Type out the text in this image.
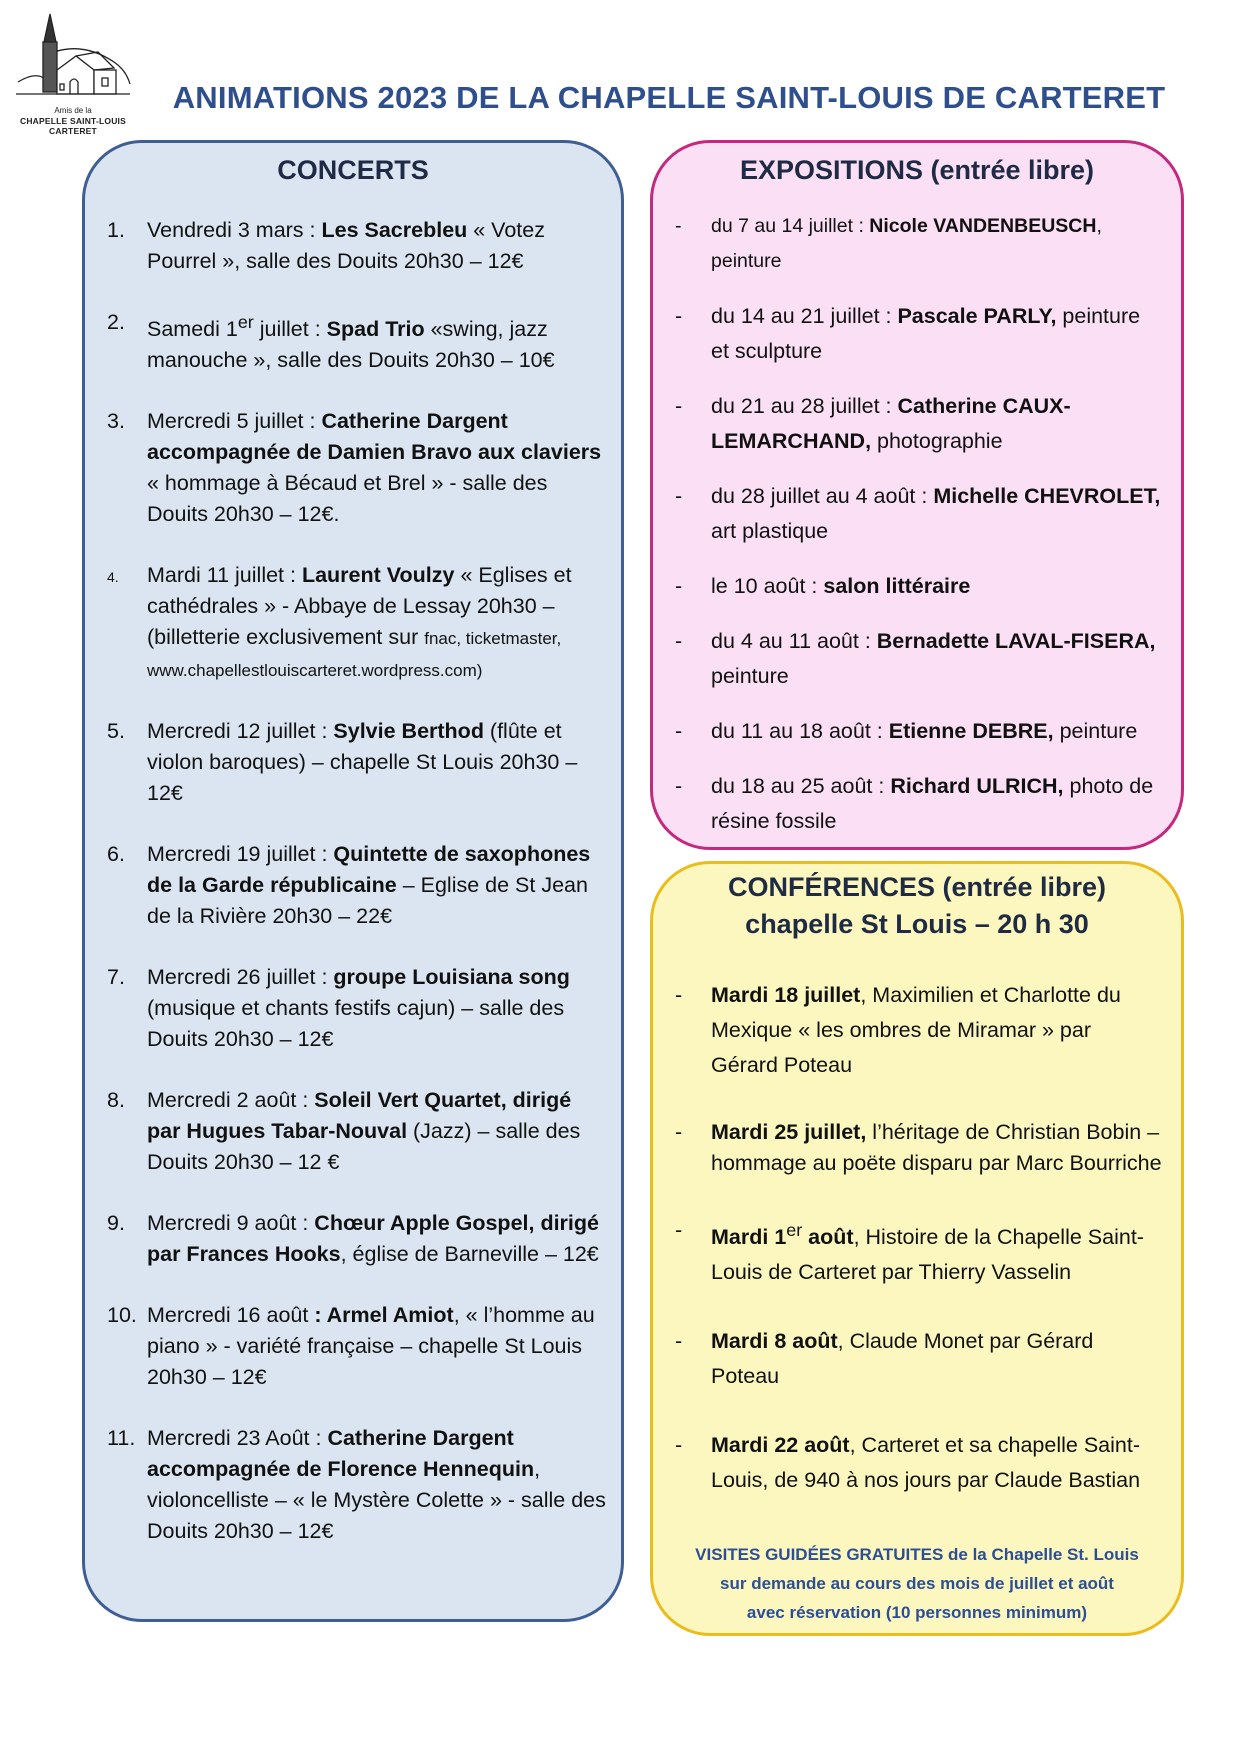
Amis de la
CHAPELLE SAINT-LOUIS
CARTERET
ANIMATIONS 2023 DE LA CHAPELLE SAINT-LOUIS DE CARTERET
CONCERTS
1. Vendredi 3 mars : Les Sacrebleu « Votez Pourrel », salle des Douits 20h30 – 12€
2. Samedi 1er juillet : Spad Trio «swing, jazz manouche », salle des Douits 20h30 – 10€
3. Mercredi 5 juillet : Catherine Dargent accompagnée de Damien Bravo aux claviers « hommage à Bécaud et Brel » - salle des Douits 20h30 – 12€.
4. Mardi 11 juillet : Laurent Voulzy « Eglises et cathédrales » - Abbaye de Lessay 20h30 – (billetterie exclusivement sur fnac, ticketmaster, www.chapellestlouiscarteret.wordpress.com)
5. Mercredi 12 juillet : Sylvie Berthod (flûte et violon baroques) – chapelle St Louis 20h30 – 12€
6. Mercredi 19 juillet : Quintette de saxophones de la Garde républicaine – Eglise de St Jean de la Rivière 20h30 – 22€
7. Mercredi 26 juillet : groupe Louisiana song (musique et chants festifs cajun) – salle des Douits 20h30 – 12€
8. Mercredi 2 août : Soleil Vert Quartet, dirigé par Hugues Tabar-Nouval (Jazz) – salle des Douits 20h30 – 12 €
9. Mercredi 9 août : Chœur Apple Gospel, dirigé par Frances Hooks, église de Barneville – 12€
10. Mercredi 16 août : Armel Amiot, « l’homme au piano » - variété française – chapelle St Louis 20h30 – 12€
11. Mercredi 23 Août : Catherine Dargent accompagnée de Florence Hennequin, violoncelliste – « le Mystère Colette » - salle des Douits 20h30 – 12€
EXPOSITIONS (entrée libre)
- du 7 au 14 juillet : Nicole VANDENBEUSCH, peinture
- du 14 au 21 juillet : Pascale PARLY, peinture et sculpture
- du 21 au 28 juillet : Catherine CAUX-LEMARCHAND, photographie
- du 28 juillet au 4 août : Michelle CHEVROLET, art plastique
- le 10 août : salon littéraire
- du 4 au 11 août : Bernadette LAVAL-FISERA, peinture
- du 11 au 18 août : Etienne DEBRE, peinture
- du 18 au 25 août : Richard ULRICH, photo de résine fossile
CONFÉRENCES (entrée libre)
chapelle St Louis – 20 h 30
- Mardi 18 juillet, Maximilien et Charlotte du Mexique « les ombres de Miramar » par Gérard Poteau
- Mardi 25 juillet, l’héritage de Christian Bobin – hommage au poëte disparu par Marc Bourriche
- Mardi 1er août, Histoire de la Chapelle Saint-Louis de Carteret par Thierry Vasselin
- Mardi 8 août, Claude Monet par Gérard Poteau
- Mardi 22 août, Carteret et sa chapelle Saint-Louis, de 940 à nos jours par Claude Bastian
VISITES GUIDÉES GRATUITES de la Chapelle St. Louis
sur demande au cours des mois de juillet et août
avec réservation (10 personnes minimum)
